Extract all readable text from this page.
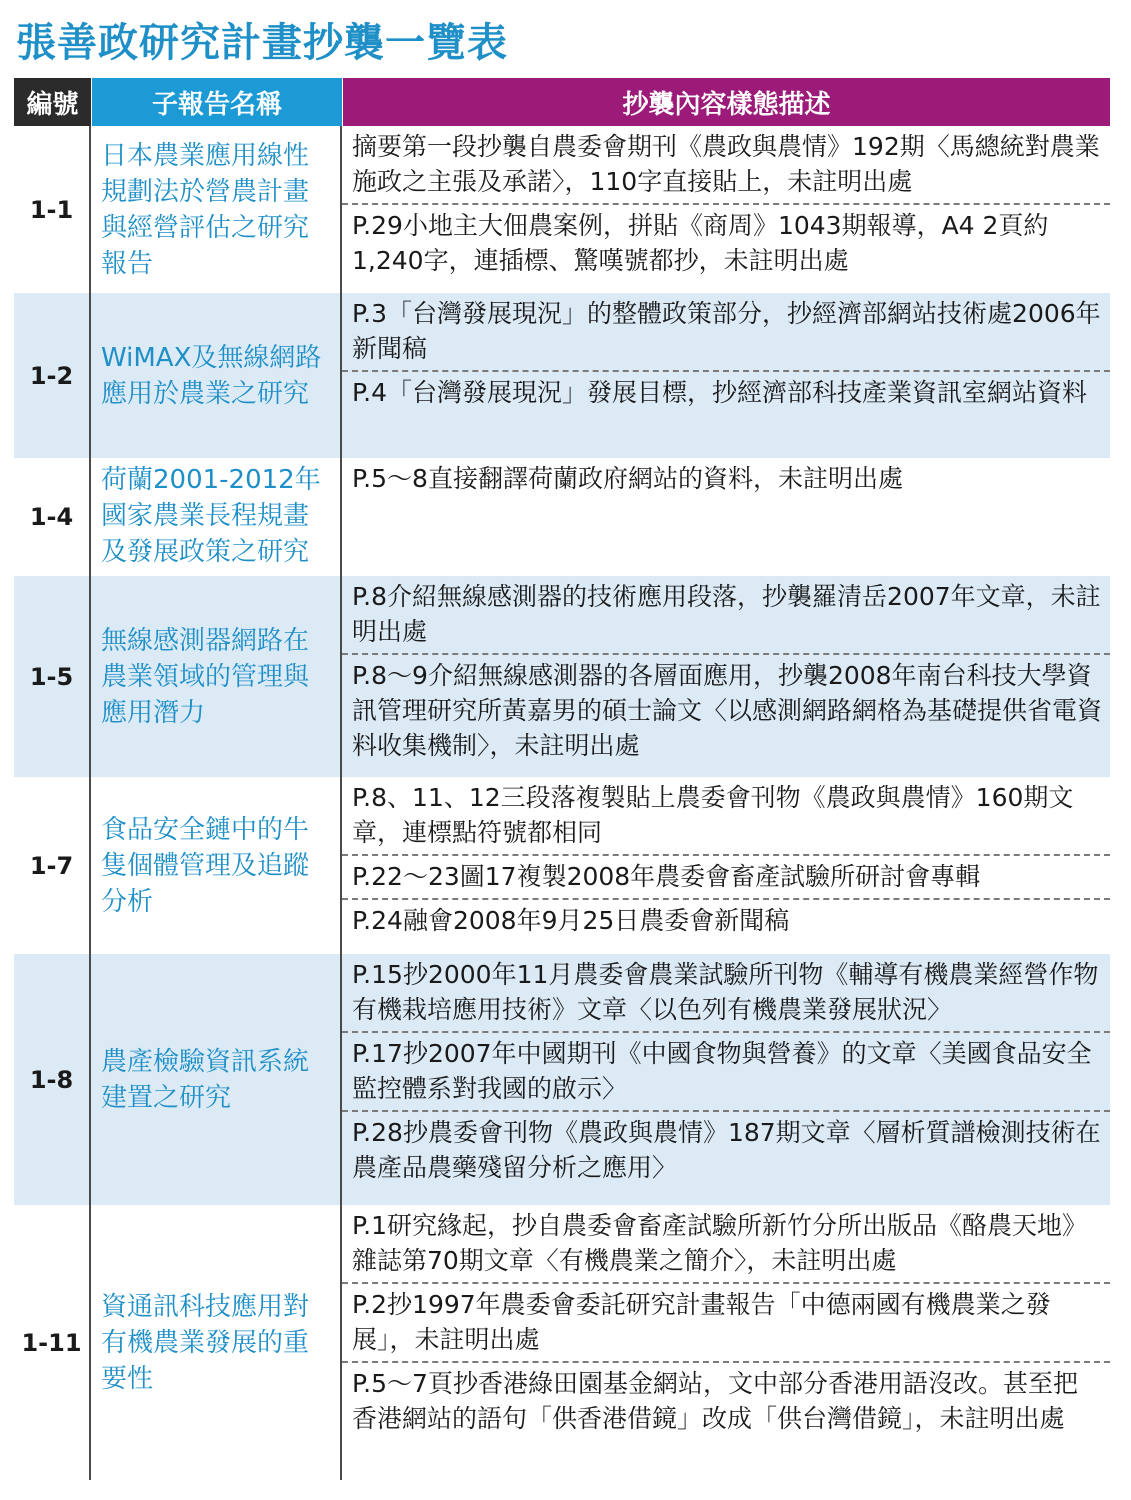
張善政研究計畫抄襲一覽表
編號	子報告名稱	抄襲內容樣態描述
1-1
日本農業應用線性規劃法於營農計畫與經營評估之研究報告
摘要第一段抄襲自農委會期刊《農政與農情》192期〈馬總統對農業施政之主張及承諾〉，110字直接貼上，未註明出處
P.29小地主大佃農案例，拼貼《商周》1043期報導，A4 2頁約1,240字，連插標、驚嘆號都抄，未註明出處
1-2
WiMAX及無線網路應用於農業之研究
P.3「台灣發展現況」的整體政策部分，抄經濟部網站技術處2006年新聞稿
P.4「台灣發展現況」發展目標，抄經濟部科技產業資訊室網站資料
1-4
荷蘭2001-2012年國家農業長程規畫及發展政策之研究
P.5～8直接翻譯荷蘭政府網站的資料，未註明出處
1-5
無線感測器網路在農業領域的管理與應用潛力
P.8介紹無線感測器的技術應用段落，抄襲羅清岳2007年文章，未註明出處
P.8～9介紹無線感測器的各層面應用，抄襲2008年南台科技大學資訊管理研究所黃嘉男的碩士論文〈以感測網路網格為基礎提供省電資料收集機制〉，未註明出處
1-7
食品安全鏈中的牛隻個體管理及追蹤分析
P.8、11、12三段落複製貼上農委會刊物《農政與農情》160期文章，連標點符號都相同
P.22～23圖17複製2008年農委會畜產試驗所研討會專輯
P.24融會2008年9月25日農委會新聞稿
1-8
農產檢驗資訊系統建置之研究
P.15抄2000年11月農委會農業試驗所刊物《輔導有機農業經營作物有機栽培應用技術》文章〈以色列有機農業發展狀況〉
P.17抄2007年中國期刊《中國食物與營養》的文章〈美國食品安全監控體系對我國的啟示〉
P.28抄農委會刊物《農政與農情》187期文章〈層析質譜檢測技術在農產品農藥殘留分析之應用〉
1-11
資通訊科技應用對有機農業發展的重要性
P.1研究緣起，抄自農委會畜產試驗所新竹分所出版品《酪農天地》雜誌第70期文章〈有機農業之簡介〉，未註明出處
P.2抄1997年農委會委託研究計畫報告「中德兩國有機農業之發展」，未註明出處
P.5～7頁抄香港綠田園基金網站，文中部分香港用語沒改。甚至把香港網站的語句「供香港借鏡」改成「供台灣借鏡」，未註明出處
